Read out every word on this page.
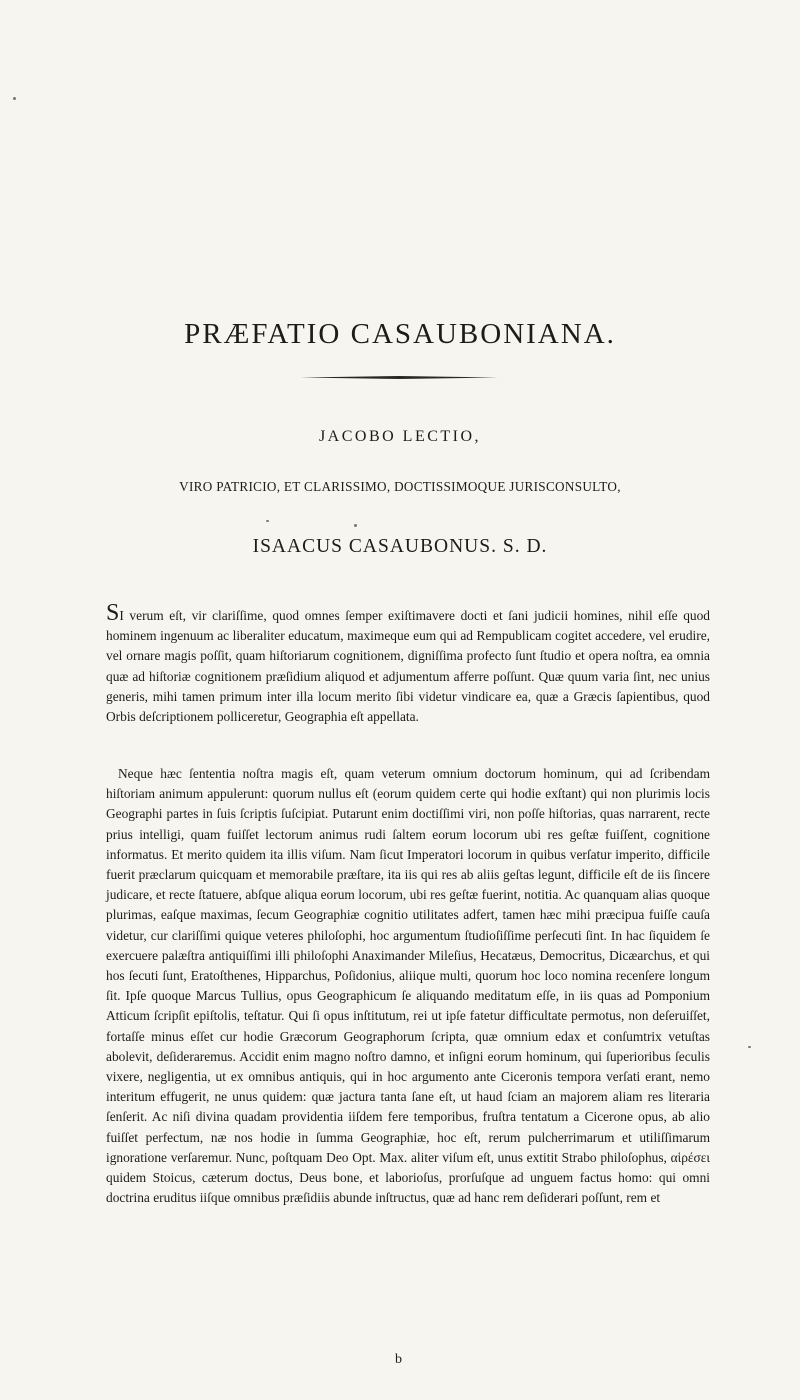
PRÆFATIO CASAUBONIANA.
JACOBO LECTIO,
VIRO PATRICIO, ET CLARISSIMO, DOCTISSIMOQUE JURISCONSULTO,
ISAACUS CASAUBONUS. S. D.

SI verum eſt, vir clariſſime, quod omnes ſemper exiſtimavere docti et ſani judicii homines, nihil eſſe quod hominem ingenuum ac liberaliter educatum, maximeque eum qui ad Rempublicam cogitet accedere, vel erudire, vel ornare magis poſſit, quam hiſtoriarum cognitionem, digniſſima profecto ſunt ſtudio et opera noſtra, ea omnia quæ ad hiſtoriæ cognitionem præſidium aliquod et adjumentum afferre poſſunt. Quæ quum varia ſint, nec unius generis, mihi tamen primum inter illa locum merito ſibi videtur vindicare ea, quæ a Græcis ſapientibus, quod Orbis deſcriptionem polliceretur, Geographia eſt appellata.

Neque hæc ſententia noſtra magis eſt, quam veterum omnium doctorum hominum, qui ad ſcribendam hiſtoriam animum appulerunt: quorum nullus eſt (eorum quidem certe qui hodie exſtant) qui non plurimis locis Geographi partes in ſuis ſcriptis ſuſcipiat. Putarunt enim doctiſſimi viri, non poſſe hiſtorias, quas narrarent, recte prius intelligi, quam fuiſſet lectorum animus rudi ſaltem eorum locorum ubi res geſtæ fuiſſent, cognitione informatus. Et merito quidem ita illis viſum. Nam ſicut Imperatori locorum in quibus verſatur imperito, difficile fuerit præclarum quicquam et memorabile præſtare, ita iis qui res ab aliis geſtas legunt, difficile eſt de iis ſincere judicare, et recte ſtatuere, abſque aliqua eorum locorum, ubi res geſtæ fuerint, notitia. Ac quanquam alias quoque plurimas, eaſque maximas, ſecum Geographiæ cognitio utilitates adfert, tamen hæc mihi præcipua fuiſſe cauſa videtur, cur clariſſimi quique veteres philoſophi, hoc argumentum ſtudioſiſſime perſecuti ſint. In hac ſiquidem ſe exercuere palæſtra antiquiſſimi illi philoſophi Anaximander Mileſius, Hecatæus, Democritus, Dicæarchus, et qui hos ſecuti ſunt, Eratoſthenes, Hipparchus, Poſidonius, aliique multi, quorum hoc loco nomina recenſere longum ſit. Ipſe quoque Marcus Tullius, opus Geographicum ſe aliquando meditatum eſſe, in iis quas ad Pomponium Atticum ſcripſit epiſtolis, teſtatur. Qui ſi opus inſtitutum, rei ut ipſe fatetur difficultate permotus, non deſeruiſſet, fortaſſe minus eſſet cur hodie Græcorum Geographorum ſcripta, quæ omnium edax et conſumtrix vetuſtas abolevit, deſideraremus. Accidit enim magno noſtro damno, et inſigni eorum hominum, qui ſuperioribus ſeculis vixere, negligentia, ut ex omnibus antiquis, qui in hoc argumento ante Ciceronis tempora verſati erant, nemo interitum effugerit, ne unus quidem: quæ jactura tanta ſane eſt, ut haud ſciam an majorem aliam res literaria ſenſerit. Ac niſi divina quadam providentia iiſdem fere temporibus, fruſtra tentatum a Cicerone opus, ab alio fuiſſet perfectum, næ nos hodie in ſumma Geographiæ, hoc eſt, rerum pulcherrimarum et utiliſſimarum ignoratione verſaremur. Nunc, poſtquam Deo Opt. Max. aliter viſum eſt, unus extitit Strabo philoſophus, αἱρέσει quidem Stoicus, cæterum doctus, Deus bone, et laborioſus, prorſuſque ad unguem factus homo: qui omni doctrina eruditus iiſque omnibus præſidiis abunde inſtructus, quæ ad hanc rem deſiderari poſſunt, rem et

b
